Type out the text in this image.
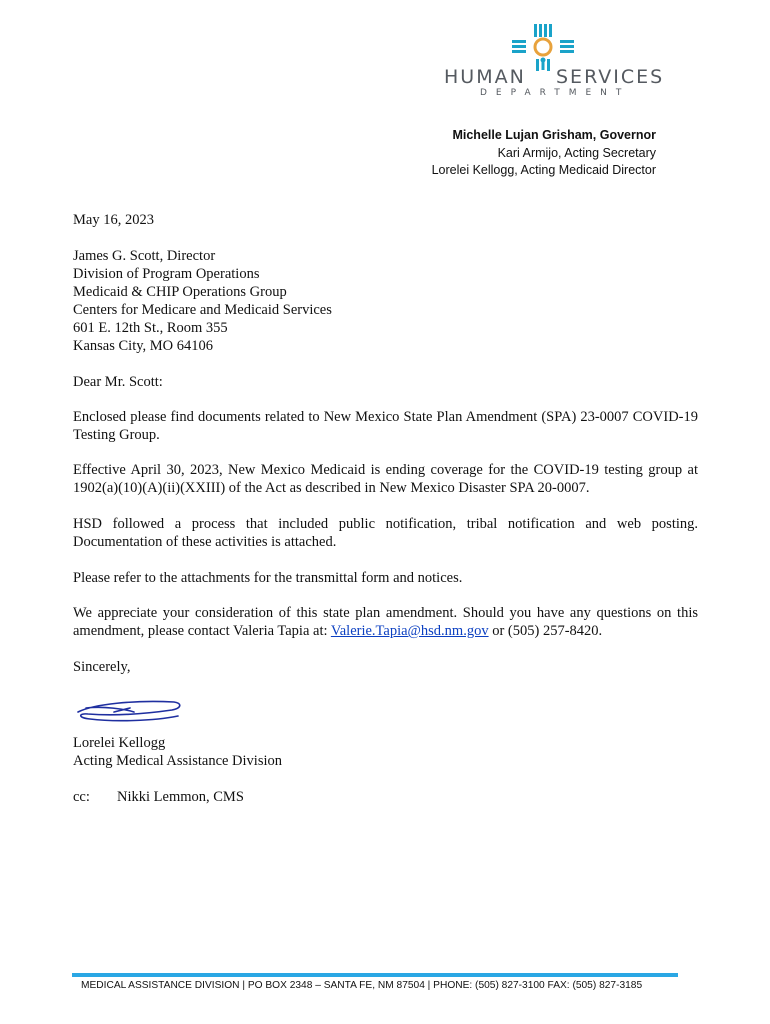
HUMAN SERVICES
DEPARTMENT
Michelle Lujan Grisham, Governor
Kari Armijo, Acting Secretary
Lorelei Kellogg, Acting Medicaid Director
May 16, 2023
James G. Scott, Director
Division of Program Operations
Medicaid & CHIP Operations Group
Centers for Medicare and Medicaid Services
601 E. 12th St., Room 355
Kansas City, MO 64106
Dear Mr. Scott:
Enclosed please find documents related to New Mexico State Plan Amendment (SPA) 23-0007 COVID-19 Testing Group.
Effective April 30, 2023, New Mexico Medicaid is ending coverage for the COVID-19 testing group at 1902(a)(10)(A)(ii)(XXIII) of the Act as described in New Mexico Disaster SPA 20-0007.
HSD followed a process that included public notification, tribal notification and web posting. Documentation of these activities is attached.
Please refer to the attachments for the transmittal form and notices.
We appreciate your consideration of this state plan amendment. Should you have any questions on this amendment, please contact Valeria Tapia at: Valerie.Tapia@hsd.nm.gov or (505) 257-8420.
Sincerely,
Lorelei Kellogg
Acting Medical Assistance Division
cc: Nikki Lemmon, CMS
MEDICAL ASSISTANCE DIVISION | PO BOX 2348 – SANTA FE, NM 87504 | PHONE: (505) 827-3100 FAX: (505) 827-3185
